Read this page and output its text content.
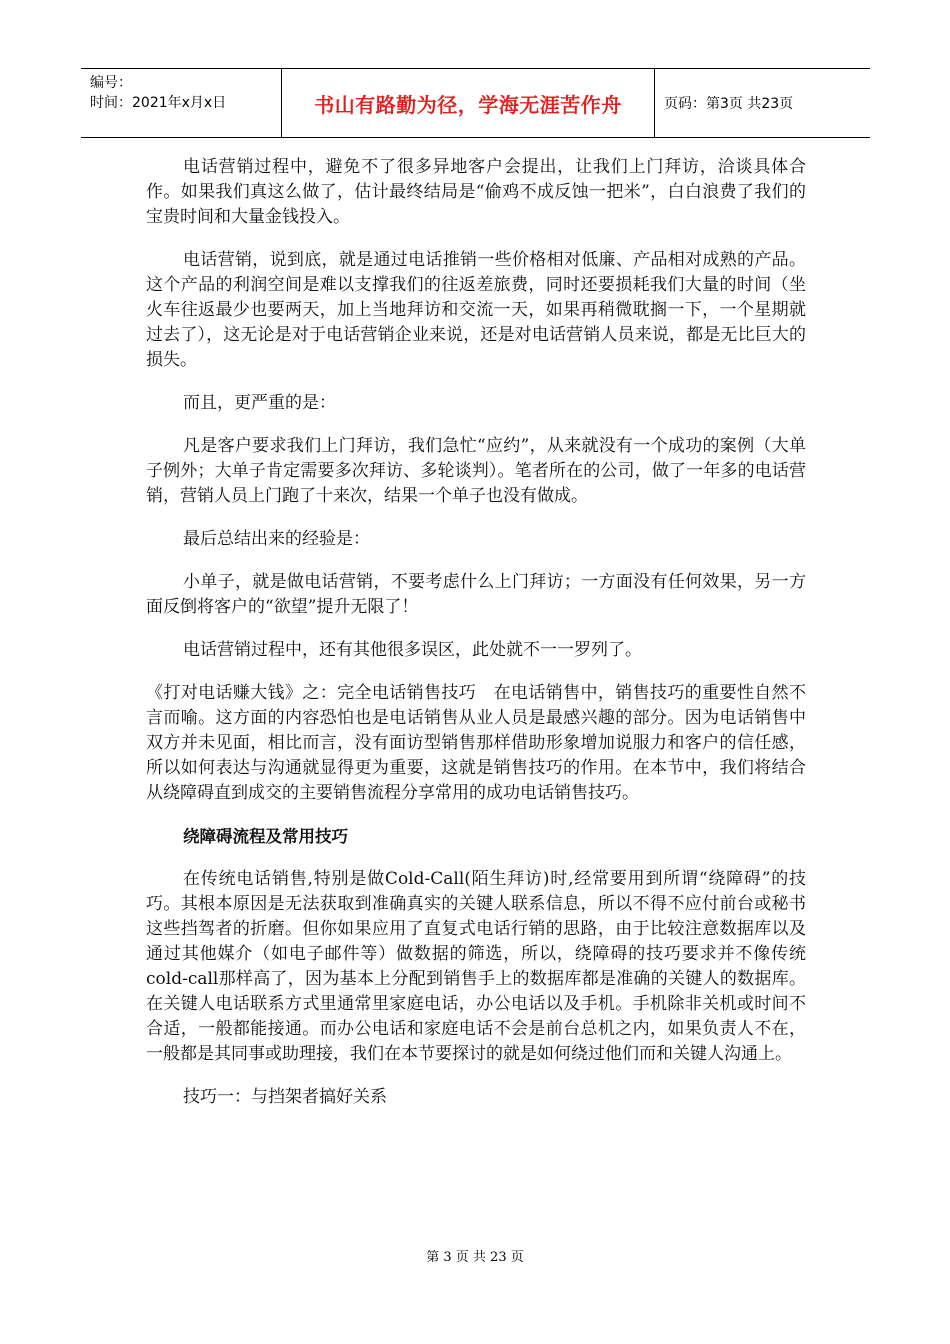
编号：
时间：2021年x月x日	书山有路勤为径，学海无涯苦作舟	页码：第3页 共23页

电话营销过程中，避免不了很多异地客户会提出，让我们上门拜访，洽谈具体合作。如果我们真这么做了，估计最终结局是“偷鸡不成反蚀一把米”，白白浪费了我们的宝贵时间和大量金钱投入。

电话营销，说到底，就是通过电话推销一些价格相对低廉、产品相对成熟的产品。这个产品的利润空间是难以支撑我们的往返差旅费，同时还要损耗我们大量的时间（坐火车往返最少也要两天，加上当地拜访和交流一天，如果再稍微耽搁一下，一个星期就过去了），这无论是对于电话营销企业来说，还是对电话营销人员来说，都是无比巨大的损失。

而且，更严重的是：

凡是客户要求我们上门拜访，我们急忙“应约”，从来就没有一个成功的案例（大单子例外；大单子肯定需要多次拜访、多轮谈判）。笔者所在的公司，做了一年多的电话营销，营销人员上门跑了十来次，结果一个单子也没有做成。

最后总结出来的经验是：

小单子，就是做电话营销，不要考虑什么上门拜访；一方面没有任何效果，另一方面反倒将客户的“欲望”提升无限了！

电话营销过程中，还有其他很多误区，此处就不一一罗列了。

《打对电话赚大钱》之：完全电话销售技巧　在电话销售中，销售技巧的重要性自然不言而喻。这方面的内容恐怕也是电话销售从业人员是最感兴趣的部分。因为电话销售中双方并未见面，相比而言，没有面访型销售那样借助形象增加说服力和客户的信任感，所以如何表达与沟通就显得更为重要，这就是销售技巧的作用。在本节中，我们将结合从绕障碍直到成交的主要销售流程分享常用的成功电话销售技巧。

绕障碍流程及常用技巧

在传统电话销售,特别是做Cold-Call(陌生拜访)时,经常要用到所谓“绕障碍”的技巧。其根本原因是无法获取到准确真实的关键人联系信息，所以不得不应付前台或秘书这些挡驾者的折磨。但你如果应用了直复式电话行销的思路，由于比较注意数据库以及通过其他媒介（如电子邮件等）做数据的筛选，所以，绕障碍的技巧要求并不像传统cold-call那样高了，因为基本上分配到销售手上的数据库都是准确的关键人的数据库。在关键人电话联系方式里通常里家庭电话，办公电话以及手机。手机除非关机或时间不合适，一般都能接通。而办公电话和家庭电话不会是前台总机之内，如果负责人不在，一般都是其同事或助理接，我们在本节要探讨的就是如何绕过他们而和关键人沟通上。

技巧一：与挡架者搞好关系

第 3 页 共 23 页
